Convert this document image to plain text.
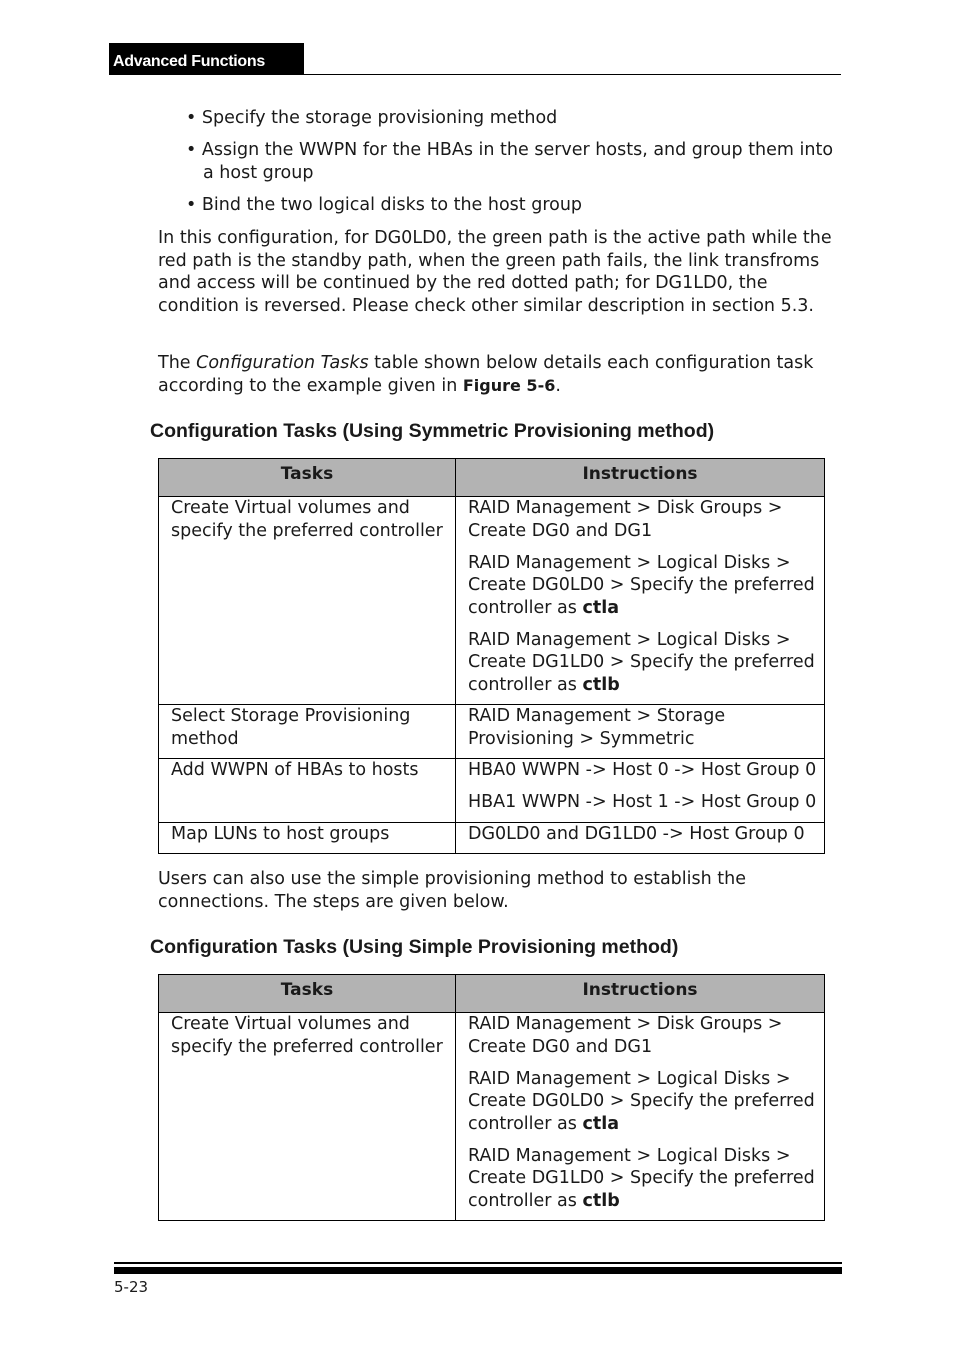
Advanced Functions
• Specify the storage provisioning method
• Assign the WWPN for the HBAs in the server hosts, and group them into a host group
• Bind the two logical disks to the host group

In this configuration, for DG0LD0, the green path is the active path while the red path is the standby path, when the green path fails, the link transfroms and access will be continued by the red dotted path; for DG1LD0, the condition is reversed. Please check other similar description in section 5.3.

The Configuration Tasks table shown below details each configuration task according to the example given in Figure 5-6.

Configuration Tasks (Using Symmetric Provisioning method)
Tasks	Instructions

Create Virtual volumes and specify the preferred controller	RAID Management > Disk Groups > Create DG0 and DG1

RAID Management > Logical Disks > Create DG0LD0 > Specify the preferred controller as ctla

RAID Management > Logical Disks > Create DG1LD0 > Specify the preferred controller as ctlb

Select Storage Provisioning method	RAID Management > Storage Provisioning > Symmetric

Add WWPN of HBAs to hosts	HBA0 WWPN -> Host 0 -> Host Group 0

HBA1 WWPN -> Host 1 -> Host Group 0

Map LUNs to host groups	DG0LD0 and DG1LD0 -> Host Group 0

Users can also use the simple provisioning method to establish the connections. The steps are given below.

Configuration Tasks (Using Simple Provisioning method)
Tasks	Instructions

Create Virtual volumes and specify the preferred controller	RAID Management > Disk Groups > Create DG0 and DG1

RAID Management > Logical Disks > Create DG0LD0 > Specify the preferred controller as ctla

RAID Management > Logical Disks > Create DG1LD0 > Specify the preferred controller as ctlb

5-23
